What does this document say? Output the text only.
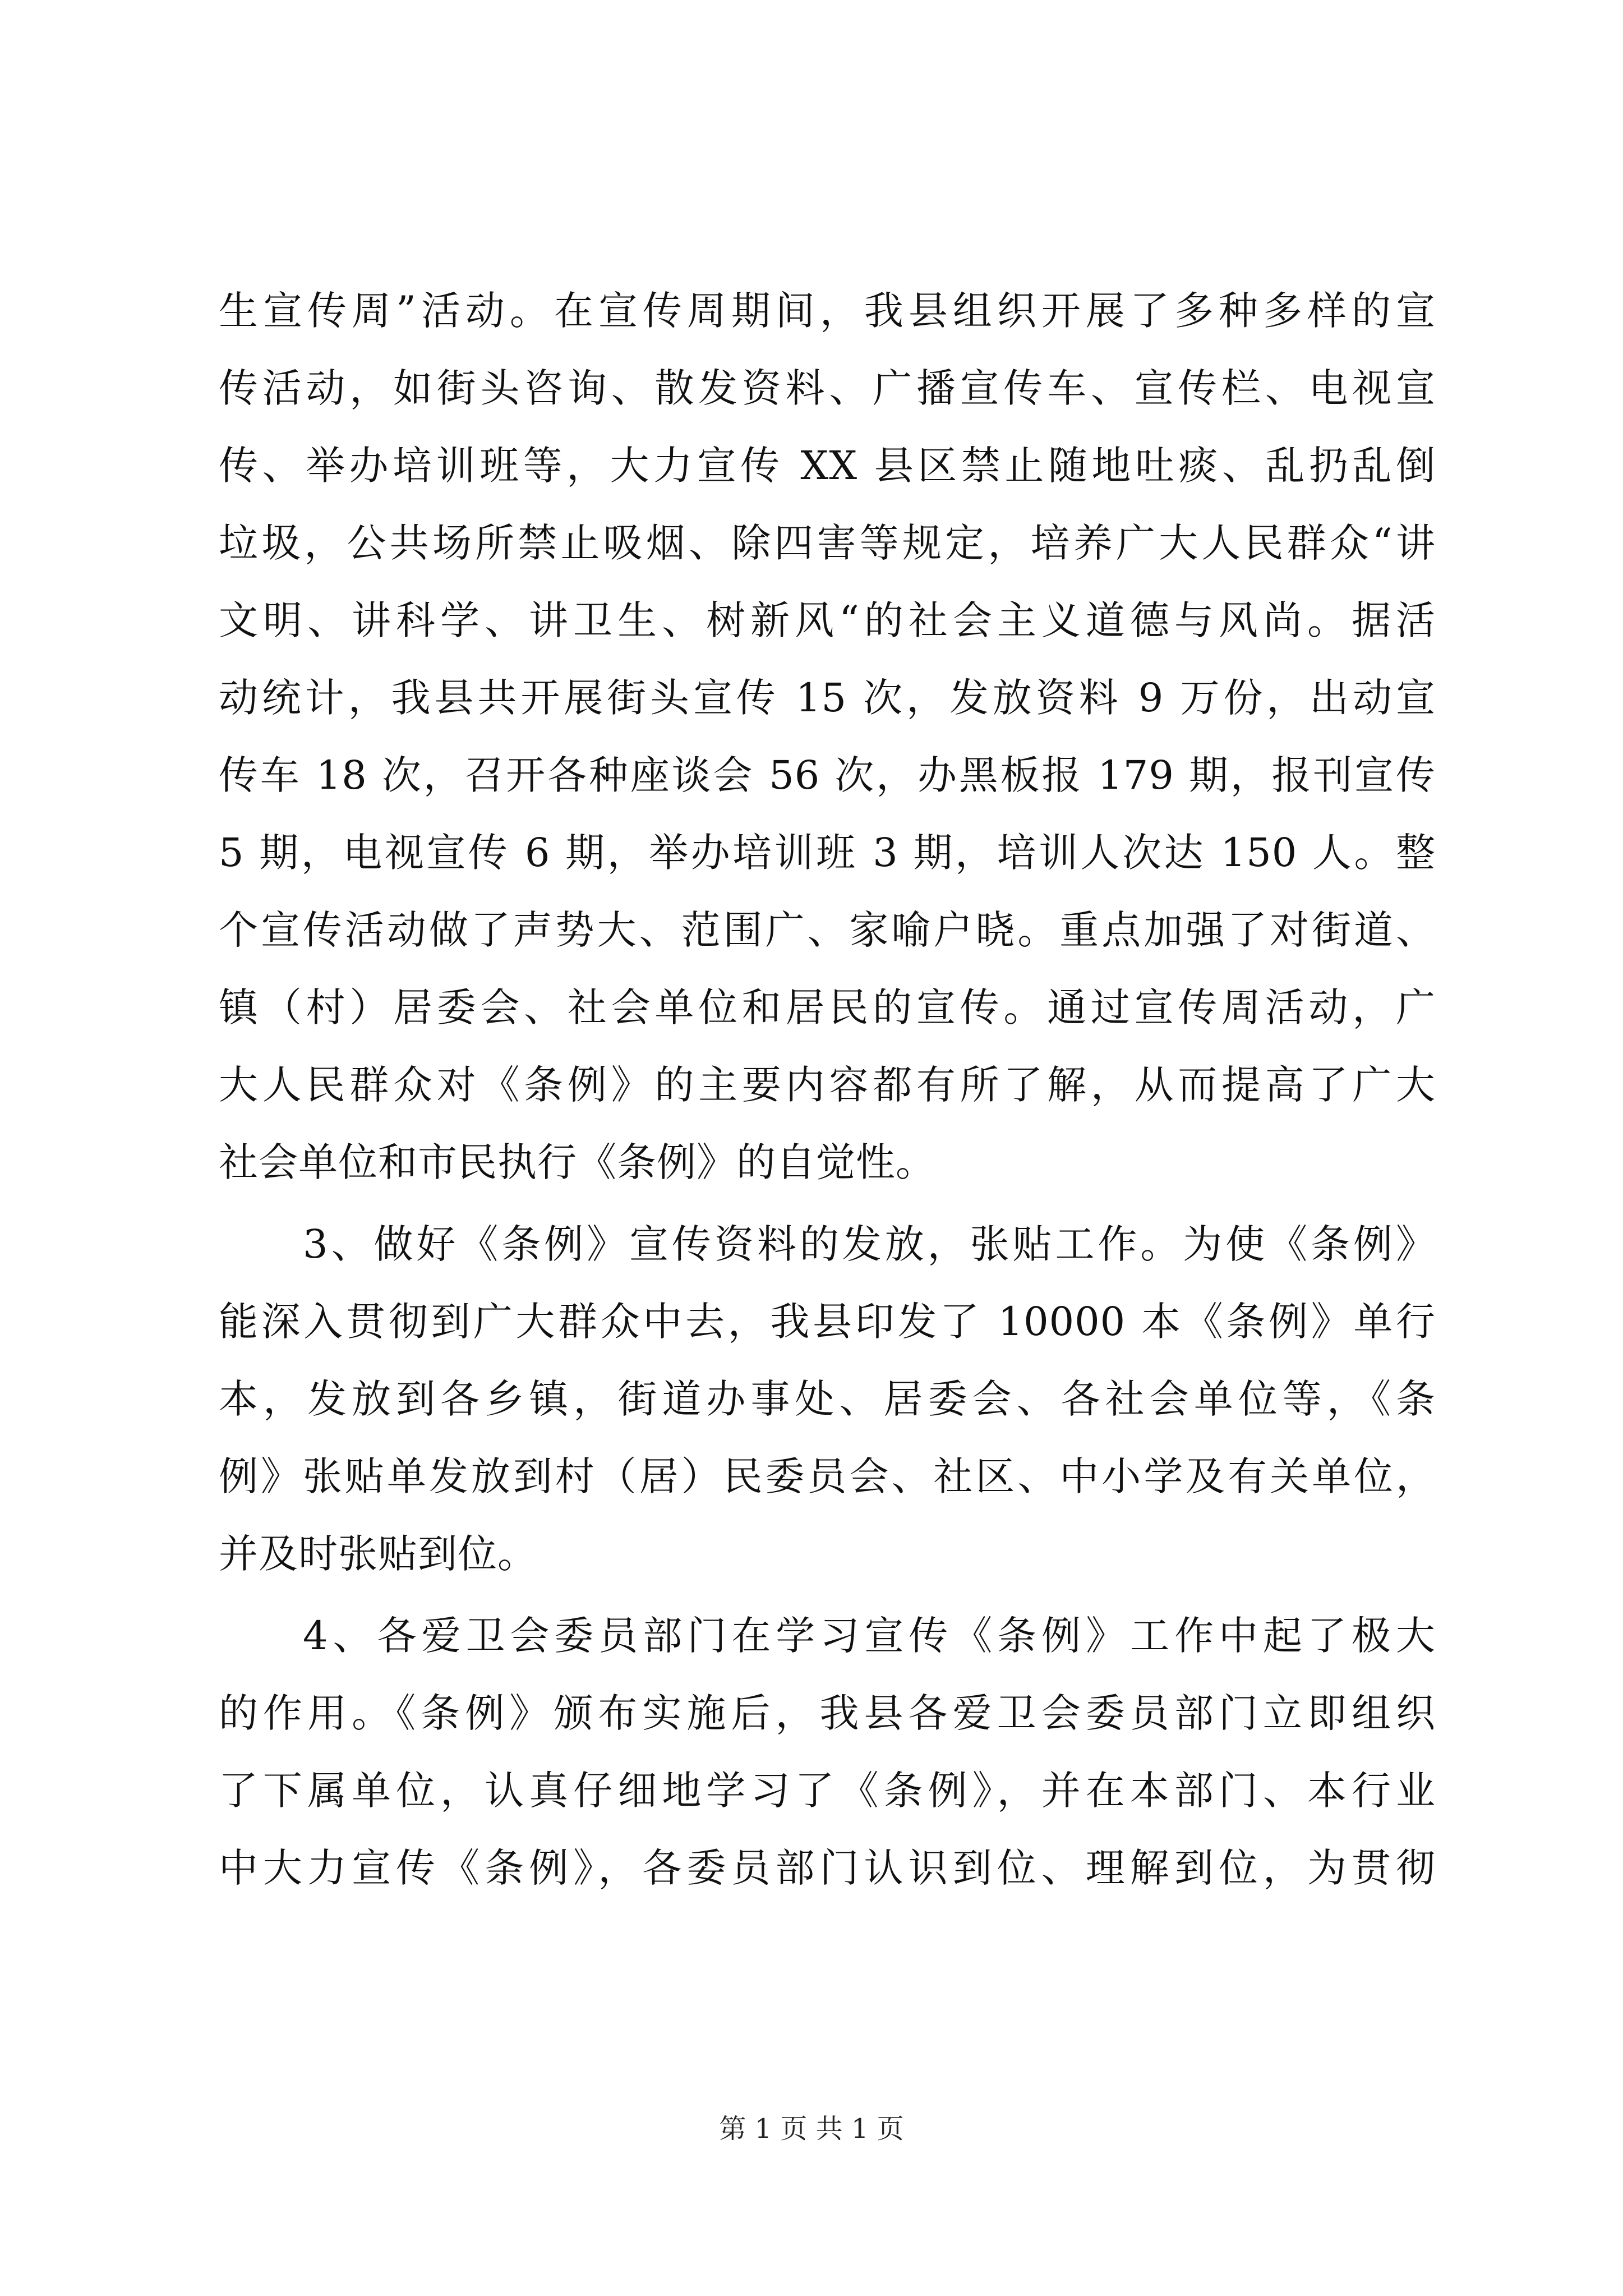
生宣传周”活动。在宣传周期间，我县组织开展了多种多样的宣
传活动，如街头咨询、散发资料、广播宣传车、宣传栏、电视宣
传、举办培训班等，大力宣传 XX 县区禁止随地吐痰、乱扔乱倒
垃圾，公共场所禁止吸烟、除四害等规定，培养广大人民群众“讲
文明、讲科学、讲卫生、树新风“的社会主义道德与风尚。据活
动统计，我县共开展街头宣传 15 次，发放资料 9 万份，出动宣
传车 18 次，召开各种座谈会 56 次，办黑板报 179 期，报刊宣传
5 期，电视宣传 6 期，举办培训班 3 期，培训人次达 150 人。整
个宣传活动做了声势大、范围广、家喻户晓。重点加强了对街道、
镇（村）居委会、社会单位和居民的宣传。通过宣传周活动，广
大人民群众对《条例》的主要内容都有所了解，从而提高了广大
社会单位和市民执行《条例》的自觉性。
3、做好《条例》宣传资料的发放，张贴工作。为使《条例》
能深入贯彻到广大群众中去，我县印发了 10000 本《条例》单行
本，发放到各乡镇，街道办事处、居委会、各社会单位等，《条
例》张贴单发放到村（居）民委员会、社区、中小学及有关单位，
并及时张贴到位。
4、各爱卫会委员部门在学习宣传《条例》工作中起了极大
的作用。《条例》颁布实施后，我县各爱卫会委员部门立即组织
了下属单位，认真仔细地学习了《条例》，并在本部门、本行业
中大力宣传《条例》，各委员部门认识到位、理解到位，为贯彻
第 1 页 共 1 页
